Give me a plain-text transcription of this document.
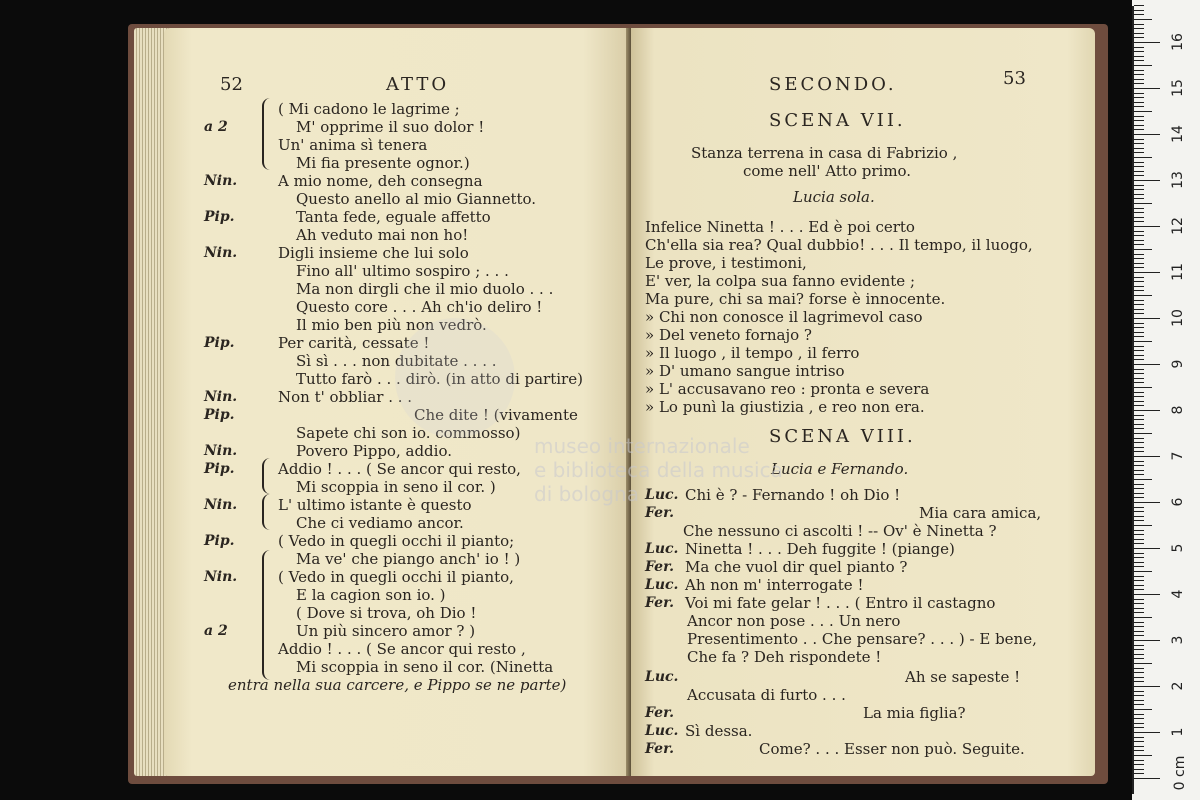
52	ATTO
a 2
( Mi cadono le lagrime ;
M' opprime il suo dolor !
Un' anima sì tenera
Mi fia presente ognor.)
Nin.	A mio nome, deh consegna
Questo anello al mio Giannetto.
Pip.	Tanta fede, eguale affetto
Ah veduto mai non ho!
Nin.	Digli insieme che lui solo
Fino all' ultimo sospiro ; . . .
Ma non dirgli che il mio duolo . . .
Questo core . . . Ah ch'io deliro !
Il mio ben più non vedrò.
Pip.	Per carità, cessate !
Sì sì . . . non dubitate . . . .
Tutto farò . . . dirò. (in atto di partire)
Nin.	Non t' obbliar . . .
Pip.	Che dite ! (vivamente
Sapete chi son io. commosso)
Nin.	Povero Pippo, addio.
Pip.	Addio ! . . . ( Se ancor qui resto,
Mi scoppia in seno il cor. )
Nin.	L' ultimo istante è questo
Che ci vediamo ancor.
Pip.	( Vedo in quegli occhi il pianto;
Ma ve' che piango anch' io ! )
Nin.	( Vedo in quegli occhi il pianto,
E la cagion son io. )
( Dove si trova, oh Dio !
a 2	Un più sincero amor ? )
Addio ! . . . ( Se ancor qui resto ,
Mi scoppia in seno il cor. (Ninetta
entra nella sua carcere, e Pippo se ne parte)
SECONDO.	53
SCENA VII.
Stanza terrena in casa di Fabrizio ,
come nell' Atto primo.
Lucia sola.
Infelice Ninetta ! . . . Ed è poi certo
Ch'ella sia rea? Qual dubbio! . . . Il tempo, il luogo,
Le prove, i testimoni,
E' ver, la colpa sua fanno evidente ;
Ma pure, chi sa mai? forse è innocente.
» Chi non conosce il lagrimevol caso
» Del veneto fornajo ?
» Il luogo , il tempo , il ferro
» D' umano sangue intriso
» L' accusavano reo : pronta e severa
» Lo punì la giustizia , e reo non era.
SCENA VIII.
Lucia e Fernando.
Luc. Chi è ? - Fernando ! oh Dio !
Fer.	Mia cara amica,
Che nessuno ci ascolti ! -- Ov' è Ninetta ?
Luc. Ninetta ! . . . Deh fuggite ! (piange)
Fer. Ma che vuol dir quel pianto ?
Luc. Ah non m' interrogate !
Fer. Voi mi fate gelar ! . . . ( Entro il castagno
Ancor non pose . . . Un nero
Presentimento . . Che pensare? . . . ) - E bene,
Che fa ? Deh rispondete !
Luc.	Ah se sapeste !
Accusata di furto . . .
Fer.	La mia figlia?
Luc. Sì dessa.
Fer.	Come? . . . Esser non può. Seguite.
museo internazionale
e biblioteca della musica
di bologna
0 cm
1
2
3
4
5
6
7
8
9
10
11
12
13
14
15
16
